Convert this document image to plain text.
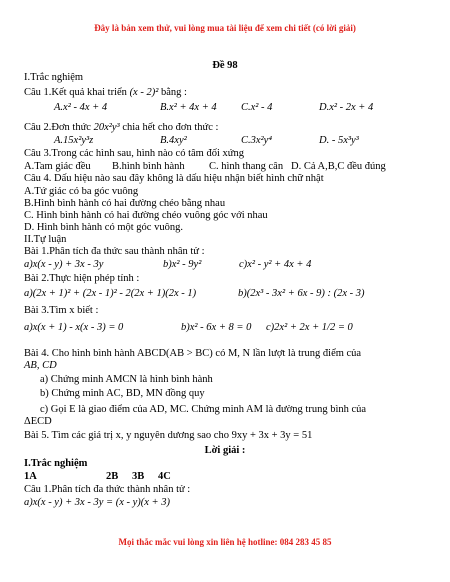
Đây là bản xem thử, vui lòng mua tài liệu để xem chi tiết (có lời giải)
Đề 98
I.Trắc nghiệm
Câu 1.Kết quả khai triển (x - 2)² bằng :
A.x² - 4x + 4	B.x² + 4x + 4 C.x² - 4	D.x² - 2x + 4
Câu 2.Đơn thức 20x²y³ chia hết cho đơn thức :
A.15x²y³z	B.4xy²	C.3x²y⁴	D. - 5x³y³
Câu 3.Trong các hình sau, hình nào có tâm đối xứng
A.Tam giác đều B.hình bình hành C. hình thang cân D. Cả A,B,C đều đúng
Câu 4. Dấu hiệu nào sau đây không là dấu hiệu nhận biết hình chữ nhật
A.Tứ giác có ba góc vuông
B.Hình bình hành có hai đường chéo bằng nhau
C. Hình bình hành có hai đường chéo vuông góc với nhau
D. Hình bình hành có một góc vuông.
II.Tự luận
Bài 1.Phân tích đa thức sau thành nhân tử :
a)x(x - y) + 3x - 3y	b)x² - 9y²	c)x² - y² + 4x + 4
Bài 2.Thực hiện phép tính :
a)(2x + 1)² + (2x - 1)² - 2(2x + 1)(2x - 1)	b)(2x³ - 3x² + 6x - 9) : (2x - 3)
Bài 3.Tìm x biết :
a)x(x + 1) - x(x - 3) = 0	b)x² - 6x + 8 = 0 c)2x² + 2x + 1/2 = 0
Bài 4. Cho hình bình hành ABCD(AB > BC) có M, N lần lượt là trung điểm của
AB, CD
a) Chứng minh AMCN là hình bình hành
b) Chứng minh AC, BD, MN đồng quy
c) Gọi E là giao điểm của AD, MC. Chứng minh AM là đường trung bình của
ΔECD
Bài 5. Tìm các giá trị x, y nguyên dương sao cho 9xy + 3x + 3y = 51
Lời giải :
I.Trắc nghiệm
1A	2B 3B 4C
Câu 1.Phân tích đa thức thành nhân tử :
a)x(x - y) + 3x - 3y = (x - y)(x + 3)
Mọi thắc mắc vui lòng xin liên hệ hotline: 084 283 45 85
